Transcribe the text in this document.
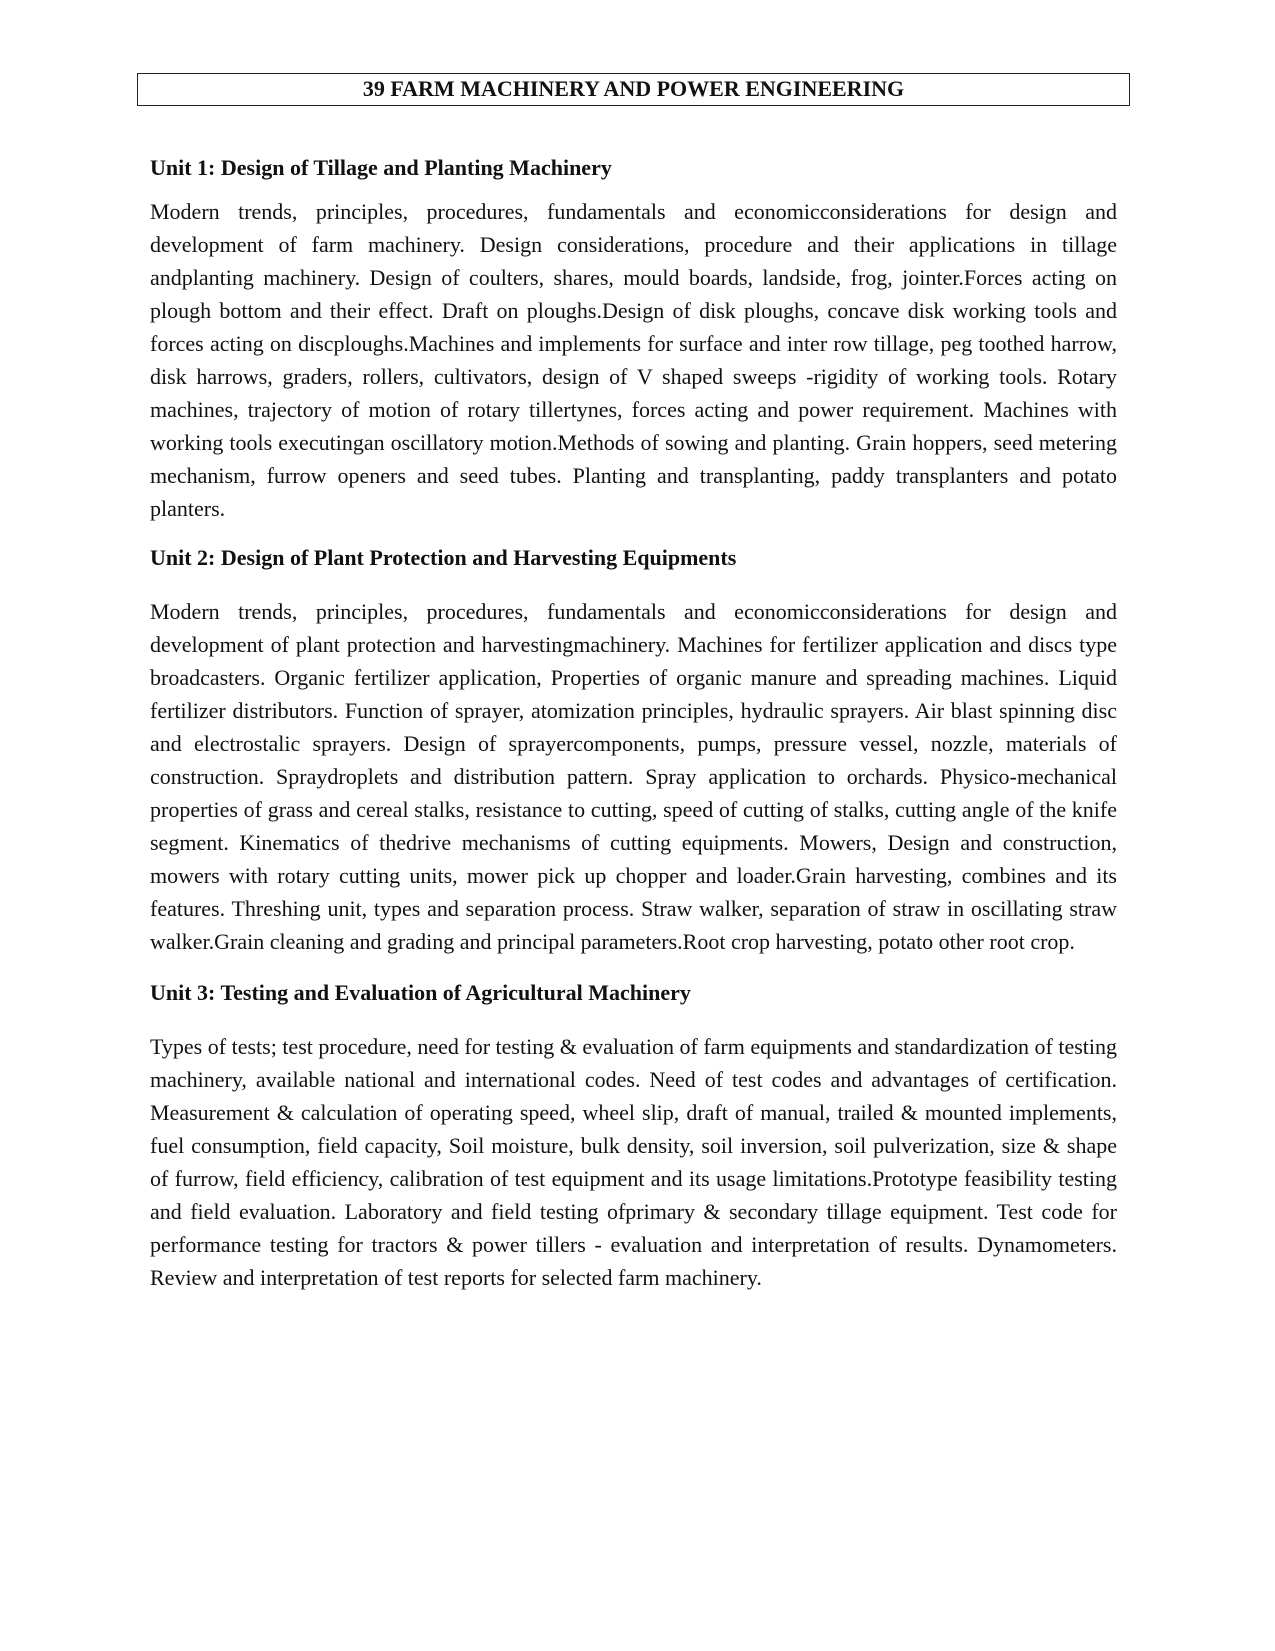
39 FARM MACHINERY AND POWER ENGINEERING
Unit 1: Design of Tillage and Planting Machinery

Modern trends, principles, procedures, fundamentals and economicconsiderations for design and development of farm machinery. Design considerations, procedure and their applications in tillage andplanting machinery. Design of coulters, shares, mould boards, landside, frog, jointer.Forces acting on plough bottom and their effect. Draft on ploughs.Design of disk ploughs, concave disk working tools and forces acting on discploughs.Machines and implements for surface and inter row tillage, peg toothed harrow, disk harrows, graders, rollers, cultivators, design of V shaped sweeps -rigidity of working tools. Rotary machines, trajectory of motion of rotary tillertynes, forces acting and power requirement. Machines with working tools executingan oscillatory motion.Methods of sowing and planting. Grain hoppers, seed metering mechanism, furrow openers and seed tubes. Planting and transplanting, paddy transplanters and potato planters.

Unit 2: Design of Plant Protection and Harvesting Equipments

Modern trends, principles, procedures, fundamentals and economicconsiderations for design and development of plant protection and harvestingmachinery. Machines for fertilizer application and discs type broadcasters. Organic fertilizer application, Properties of organic manure and spreading machines. Liquid fertilizer distributors. Function of sprayer, atomization principles, hydraulic sprayers. Air blast spinning disc and electrostalic sprayers. Design of sprayercomponents, pumps, pressure vessel, nozzle, materials of construction. Spraydroplets and distribution pattern. Spray application to orchards. Physico-mechanical properties of grass and cereal stalks, resistance to cutting, speed of cutting of stalks, cutting angle of the knife segment. Kinematics of thedrive mechanisms of cutting equipments. Mowers, Design and construction, mowers with rotary cutting units, mower pick up chopper and loader.Grain harvesting, combines and its features. Threshing unit, types and separation process. Straw walker, separation of straw in oscillating straw walker.Grain cleaning and grading and principal parameters.Root crop harvesting, potato other root crop.

Unit 3: Testing and Evaluation of Agricultural Machinery

Types of tests; test procedure, need for testing & evaluation of farm equipments and standardization of testing machinery, available national and international codes. Need of test codes and advantages of certification. Measurement & calculation of operating speed, wheel slip, draft of manual, trailed & mounted implements, fuel consumption, field capacity, Soil moisture, bulk density, soil inversion, soil pulverization, size & shape of furrow, field efficiency, calibration of test equipment and its usage limitations.Prototype feasibility testing and field evaluation. Laboratory and field testing ofprimary & secondary tillage equipment. Test code for performance testing for tractors & power tillers - evaluation and interpretation of results. Dynamometers. Review and interpretation of test reports for selected farm machinery.
